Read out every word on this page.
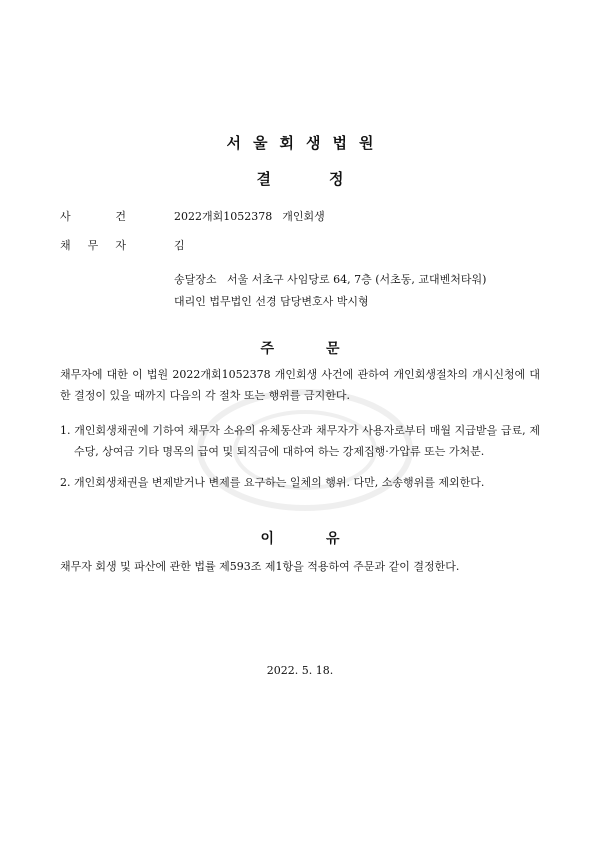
서울회생법원
결	정
사	건	2022개회1052378 개인회생
채 무 자	김
송달장소   서울 서초구 사임당로 64, 7층 (서초동, 교대벤처타워)
대리인 법무법인 선경 담당변호사 박시형
주	문
채무자에 대한 이 법원 2022개회1052378 개인회생 사건에 관하여 개인회생절차의 개시신청에 대한 결정이 있을 때까지 다음의 각 절차 또는 행위를 금지한다.
1. 개인회생채권에 기하여 채무자 소유의 유체동산과 채무자가 사용자로부터 매월 지급받을 급료, 제수당, 상여금 기타 명목의 급여 및 퇴직금에 대하여 하는 강제집행·가압류 또는 가처분.
2. 개인회생채권을 변제받거나 변제를 요구하는 일체의 행위. 다만, 소송행위를 제외한다.
이	유
채무자 회생 및 파산에 관한 법률 제593조 제1항을 적용하여 주문과 같이 결정한다.
2022. 5. 18.
